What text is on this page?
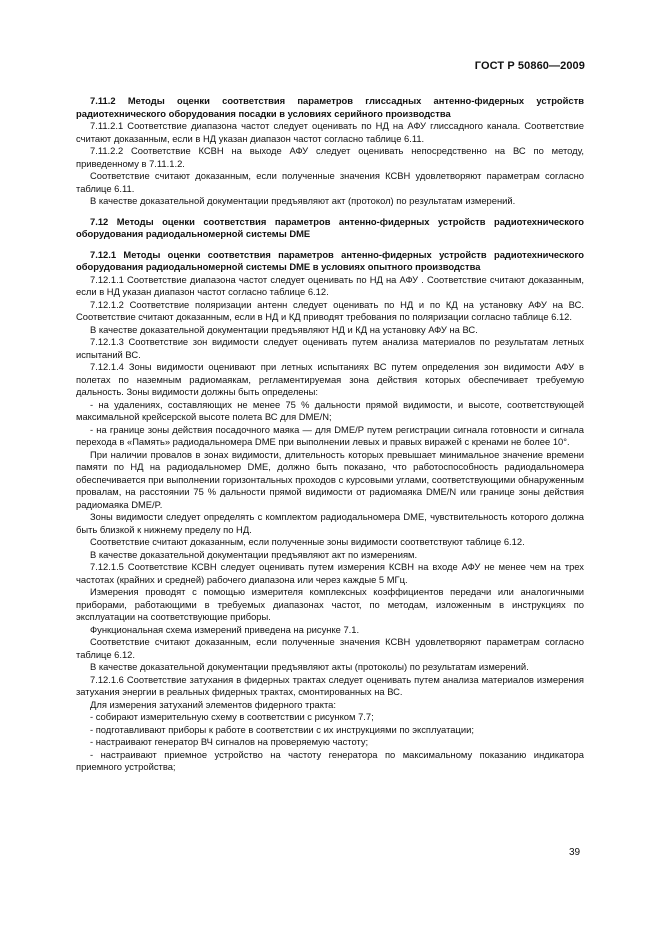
ГОСТ Р 50860—2009

7.11.2 Методы оценки соответствия параметров глиссадных антенно-фидерных устройств радиотехнического оборудования посадки в условиях серийного производства

7.11.2.1 Соответствие диапазона частот следует оценивать по НД на АФУ глиссадного канала. Соответствие считают доказанным, если в НД указан диапазон частот согласно таблице 6.11.

7.11.2.2 Соответствие КСВН на выходе АФУ следует оценивать непосредственно на ВС по методу, приведенному в 7.11.1.2.

Соответствие считают доказанным, если полученные значения КСВН удовлетворяют параметрам согласно таблице 6.11.

В качестве доказательной документации предъявляют акт (протокол) по результатам измерений.

7.12 Методы оценки соответствия параметров антенно-фидерных устройств радиотехнического оборудования радиодальномерной системы DME

7.12.1 Методы оценки соответствия параметров антенно-фидерных устройств радиотехнического оборудования радиодальномерной системы DME в условиях опытного производства

7.12.1.1 Соответствие диапазона частот следует оценивать по НД на АФУ . Соответствие считают доказанным, если в НД указан диапазон частот согласно таблице 6.12.

7.12.1.2 Соответствие поляризации антенн следует оценивать по НД и по КД на установку АФУ на ВС. Соответствие считают доказанным, если в НД и КД приводят требования по поляризации согласно таблице 6.12.

В качестве доказательной документации предъявляют НД и КД на установку АФУ на ВС.

7.12.1.3 Соответствие зон видимости следует оценивать путем анализа материалов по результатам летных испытаний ВС.

7.12.1.4 Зоны видимости оценивают при летных испытаниях ВС путем определения зон видимости АФУ в полетах по наземным радиомаякам, регламентируемая зона действия которых обеспечивает требуемую дальность. Зоны видимости должны быть определены:

- на удалениях, составляющих не менее 75 % дальности прямой видимости, и высоте, соответствующей максимальной крейсерской высоте полета ВС для DME/N;

- на границе зоны действия посадочного маяка — для DME/P путем регистрации сигнала готовности и сигнала перехода в «Память» радиодальномера DME при выполнении левых и правых виражей с кренами не более 10°.

При наличии провалов в зонах видимости, длительность которых превышает минимальное значение времени памяти по НД на радиодальномер DME, должно быть показано, что работоспособность радиодальномера обеспечивается при выполнении горизонтальных проходов с курсовыми углами, соответствующими обнаруженным провалам, на расстоянии 75 % дальности прямой видимости от радиомаяка DME/N или границе зоны действия радиомаяка DME/P.

Зоны видимости следует определять с комплектом радиодальномера DME, чувствительность которого должна быть близкой к нижнему пределу по НД.

Соответствие считают доказанным, если полученные зоны видимости соответствуют таблице 6.12.

В качестве доказательной документации предъявляют акт по измерениям.

7.12.1.5 Соответствие КСВН следует оценивать путем измерения КСВН на входе АФУ не менее чем на трех частотах (крайних и средней) рабочего диапазона или через каждые 5 МГц.

Измерения проводят с помощью измерителя комплексных коэффициентов передачи или аналогичными приборами, работающими в требуемых диапазонах частот, по методам, изложенным в инструкциях по эксплуатации на соответствующие приборы.

Функциональная схема измерений приведена на рисунке 7.1.

Соответствие считают доказанным, если полученные значения КСВН удовлетворяют параметрам согласно таблице 6.12.

В качестве доказательной документации предъявляют акты (протоколы) по результатам измерений.

7.12.1.6 Соответствие затухания в фидерных трактах следует оценивать путем анализа материалов измерения затухания энергии в реальных фидерных трактах, смонтированных на ВС.

Для измерения затуханий элементов фидерного тракта:

- собирают измерительную схему в соответствии с рисунком 7.7;

- подготавливают приборы к работе в соответствии с их инструкциями по эксплуатации;

- настраивают генератор ВЧ сигналов на проверяемую частоту;

- настраивают приемное устройство на частоту генератора по максимальному показанию индикатора приемного устройства;

39
